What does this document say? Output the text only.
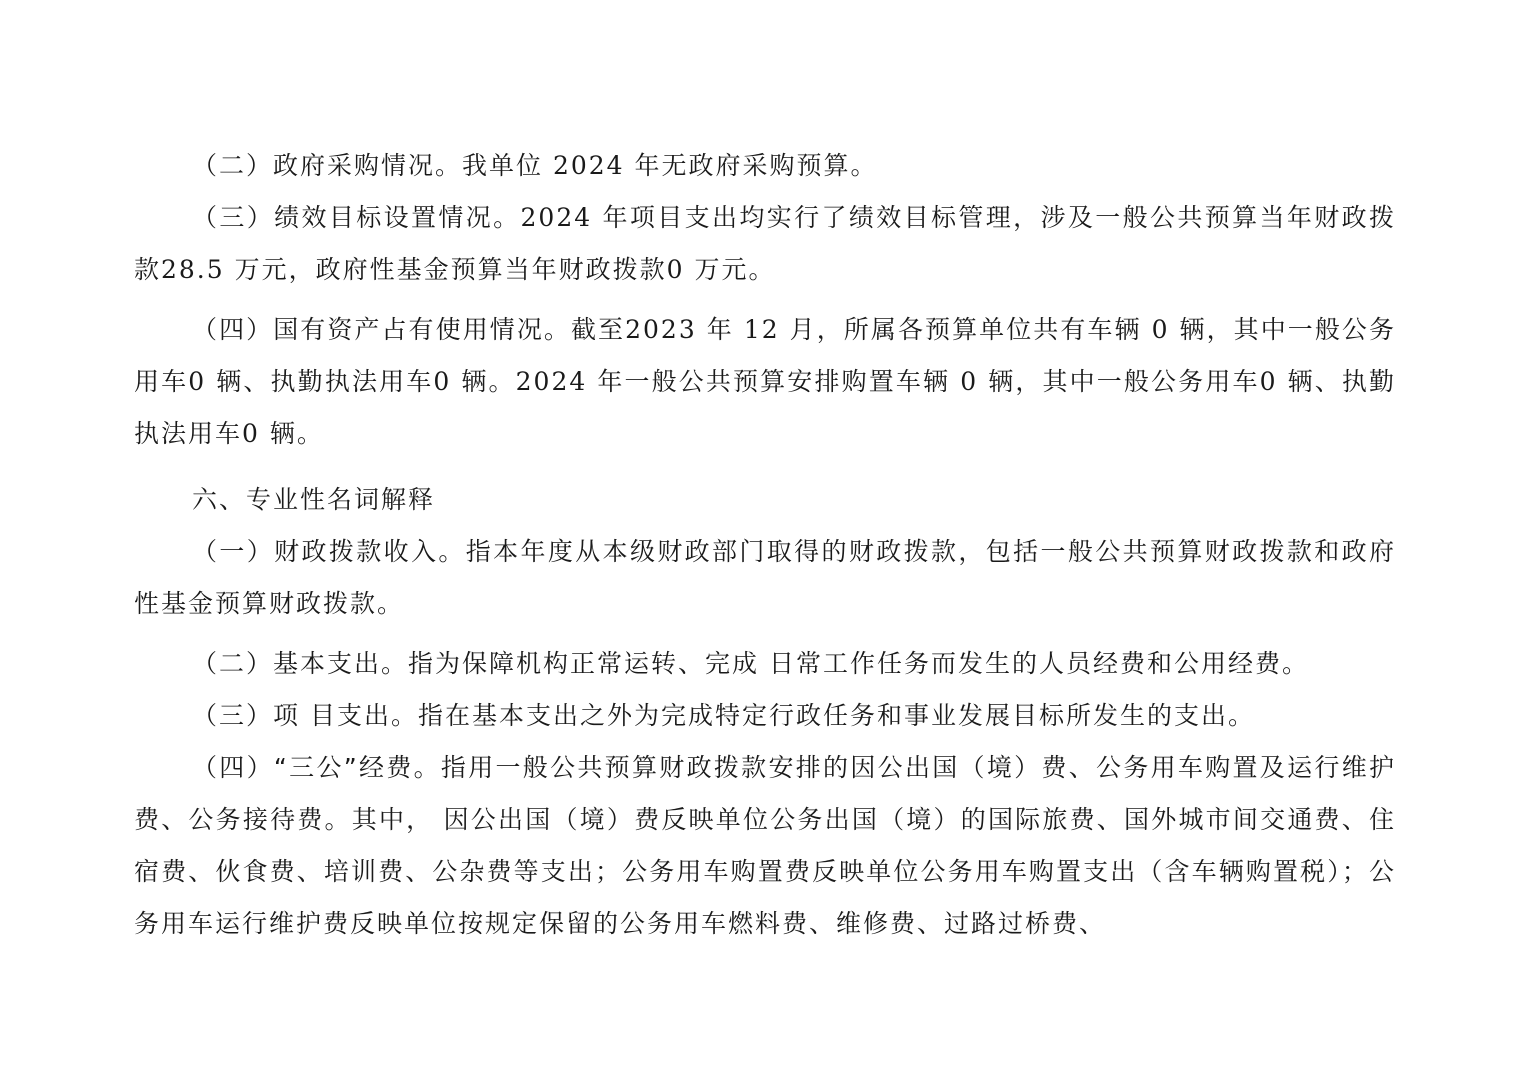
（二）政府采购情况。我单位 2024 年无政府采购预算。

（三）绩效目标设置情况。2024 年项目支出均实行了绩效目标管理，涉及一般公共预算当年财政拨款28.5 万元，政府性基金预算当年财政拨款0 万元。

（四）国有资产占有使用情况。截至2023 年 12 月，所属各预算单位共有车辆 0 辆，其中一般公务用车0 辆、执勤执法用车0 辆。2024 年一般公共预算安排购置车辆 0 辆，其中一般公务用车0 辆、执勤执法用车0 辆。

六、专业性名词解释

（一）财政拨款收入。指本年度从本级财政部门取得的财政拨款，包括一般公共预算财政拨款和政府性基金预算财政拨款。

（二）基本支出。指为保障机构正常运转、完成 日常工作任务而发生的人员经费和公用经费。

（三）项 目支出。指在基本支出之外为完成特定行政任务和事业发展目标所发生的支出。

（四）“三公”经费。指用一般公共预算财政拨款安排的因公出国（境）费、公务用车购置及运行维护费、公务接待费。其中， 因公出国（境）费反映单位公务出国（境）的国际旅费、国外城市间交通费、住宿费、伙食费、培训费、公杂费等支出；公务用车购置费反映单位公务用车购置支出（含车辆购置税）；公务用车运行维护费反映单位按规定保留的公务用车燃料费、维修费、过路过桥费、
